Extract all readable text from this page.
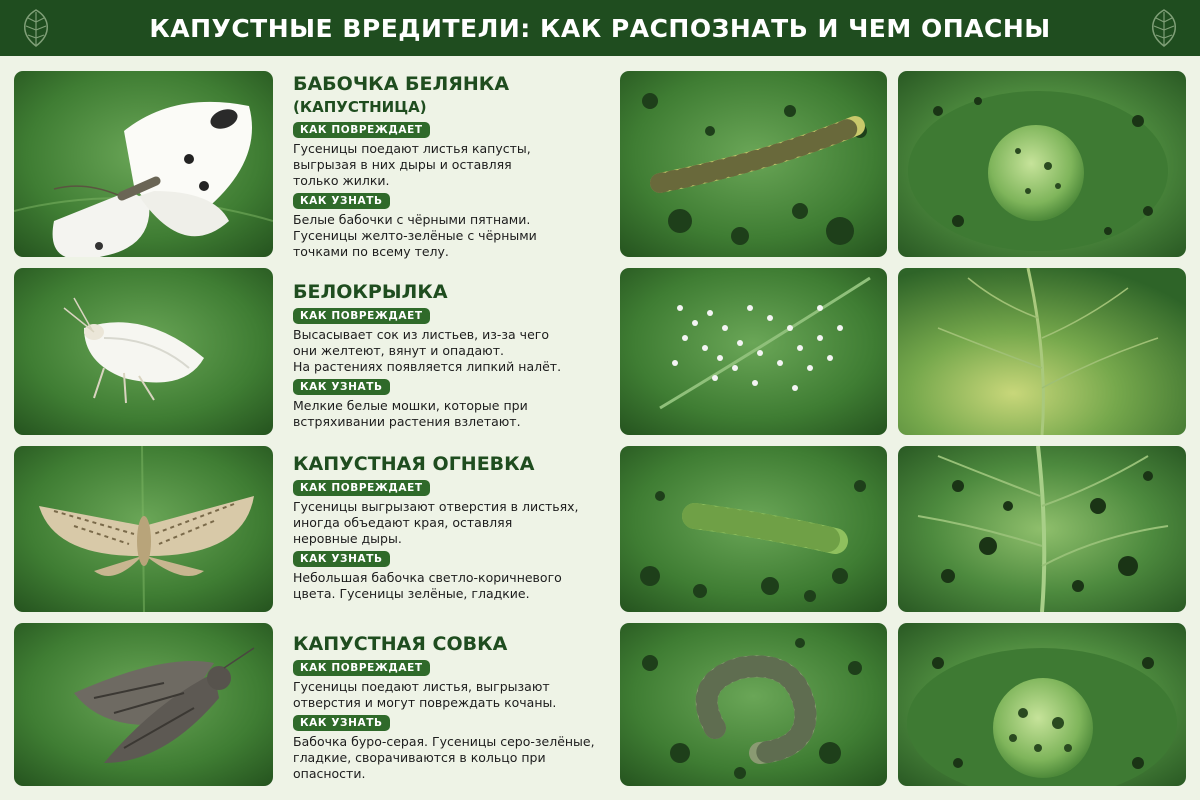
КАПУСТНЫЕ ВРЕДИТЕЛИ: КАК РАСПОЗНАТЬ И ЧЕМ ОПАСНЫ

БАБОЧКА БЕЛЯНКА

(КАПУСТНИЦА)

КАК ПОВРЕЖДАЕТ

Гусеницы поедают листья капусты,
выгрызая в них дыры и оставляя
только жилки.

КАК УЗНАТЬ

Белые бабочки с чёрными пятнами.
Гусеницы желто-зелёные с чёрными
точками по всему телу.

БЕЛОКРЫЛКА

КАК ПОВРЕЖДАЕТ

Высасывает сок из листьев, из-за чего
они желтеют, вянут и опадают.
На растениях появляется липкий налёт.

КАК УЗНАТЬ

Мелкие белые мошки, которые при
встряхивании растения взлетают.

КАПУСТНАЯ ОГНЕВКА

КАК ПОВРЕЖДАЕТ

Гусеницы выгрызают отверстия в листьях,
иногда объедают края, оставляя
неровные дыры.

КАК УЗНАТЬ

Небольшая бабочка светло-коричневого
цвета. Гусеницы зелёные, гладкие.

КАПУСТНАЯ СОВКА

КАК ПОВРЕЖДАЕТ

Гусеницы поедают листья, выгрызают
отверстия и могут повреждать кочаны.

КАК УЗНАТЬ

Бабочка буро-серая. Гусеницы серо-зелёные,
гладкие, сворачиваются в кольцо при опасности.
